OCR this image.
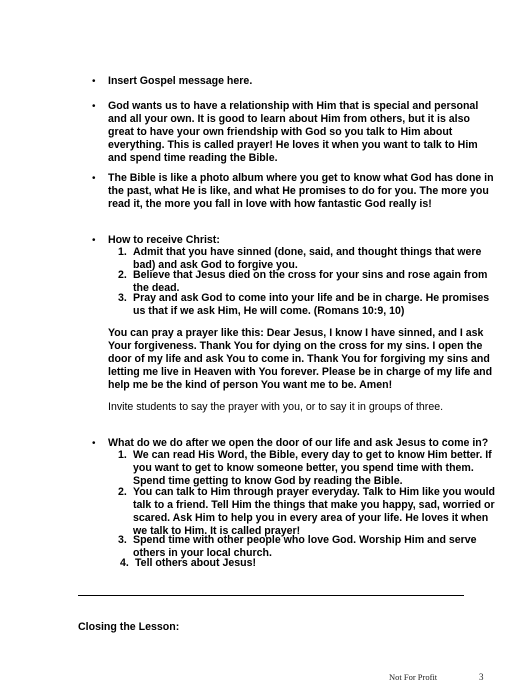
• Insert Gospel message here.
• God wants us to have a relationship with Him that is special and personal and all your own. It is good to learn about Him from others, but it is also great to have your own friendship with God so you talk to Him about everything. This is called prayer! He loves it when you want to talk to Him and spend time reading the Bible.
• The Bible is like a photo album where you get to know what God has done in the past, what He is like, and what He promises to do for you. The more you read it, the more you fall in love with how fantastic God really is!
• How to receive Christ:
1. Admit that you have sinned (done, said, and thought things that were bad) and ask God to forgive you.
2. Believe that Jesus died on the cross for your sins and rose again from the dead.
3. Pray and ask God to come into your life and be in charge. He promises us that if we ask Him, He will come. (Romans 10:9, 10)
You can pray a prayer like this: Dear Jesus, I know I have sinned, and I ask Your forgiveness. Thank You for dying on the cross for my sins. I open the door of my life and ask You to come in. Thank You for forgiving my sins and letting me live in Heaven with You forever. Please be in charge of my life and help me be the kind of person You want me to be. Amen!
Invite students to say the prayer with you, or to say it in groups of three.
• What do we do after we open the door of our life and ask Jesus to come in?
1. We can read His Word, the Bible, every day to get to know Him better. If you want to get to know someone better, you spend time with them. Spend time getting to know God by reading the Bible.
2. You can talk to Him through prayer everyday. Talk to Him like you would talk to a friend. Tell Him the things that make you happy, sad, worried or scared. Ask Him to help you in every area of your life. He loves it when we talk to Him. It is called prayer!
3. Spend time with other people who love God. Worship Him and serve others in your local church.
4. Tell others about Jesus!
Closing the Lesson:
Not For Profit	3
